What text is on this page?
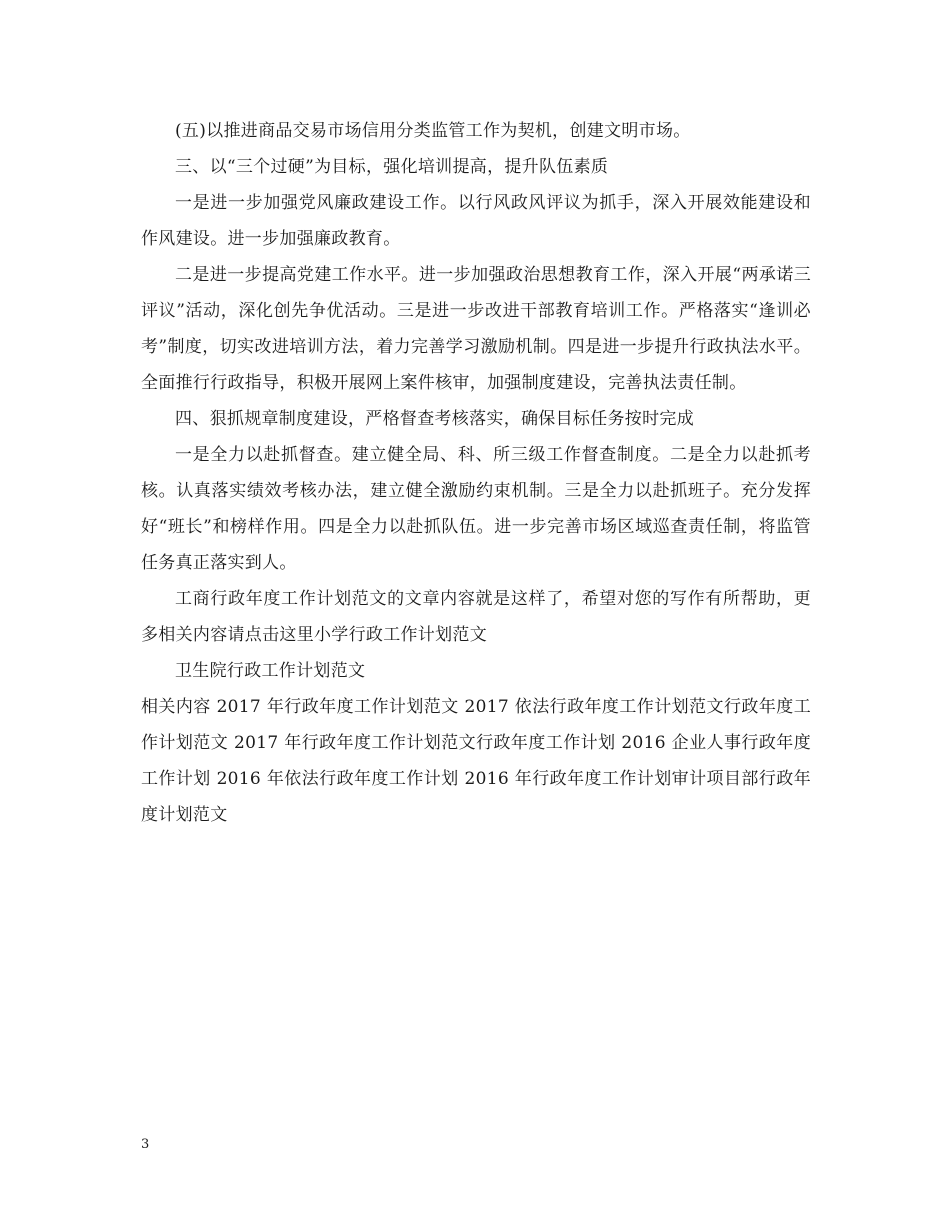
(五)以推进商品交易市场信用分类监管工作为契机，创建文明市场。

三、以“三个过硬”为目标，强化培训提高，提升队伍素质

一是进一步加强党风廉政建设工作。以行风政风评议为抓手，深入开展效能建设和作风建设。进一步加强廉政教育。

二是进一步提高党建工作水平。进一步加强政治思想教育工作，深入开展“两承诺三评议”活动，深化创先争优活动。三是进一步改进干部教育培训工作。严格落实“逢训必考”制度，切实改进培训方法，着力完善学习激励机制。四是进一步提升行政执法水平。全面推行行政指导，积极开展网上案件核审，加强制度建设，完善执法责任制。

四、狠抓规章制度建设，严格督查考核落实，确保目标任务按时完成

一是全力以赴抓督查。建立健全局、科、所三级工作督查制度。二是全力以赴抓考核。认真落实绩效考核办法，建立健全激励约束机制。三是全力以赴抓班子。充分发挥好“班长”和榜样作用。四是全力以赴抓队伍。进一步完善市场区域巡查责任制，将监管任务真正落实到人。

工商行政年度工作计划范文的文章内容就是这样了，希望对您的写作有所帮助，更多相关内容请点击这里小学行政工作计划范文

卫生院行政工作计划范文

相关内容 2017 年行政年度工作计划范文 2017 依法行政年度工作计划范文行政年度工作计划范文 2017 年行政年度工作计划范文行政年度工作计划 2016 企业人事行政年度工作计划 2016 年依法行政年度工作计划 2016 年行政年度工作计划审计项目部行政年度计划范文

3
